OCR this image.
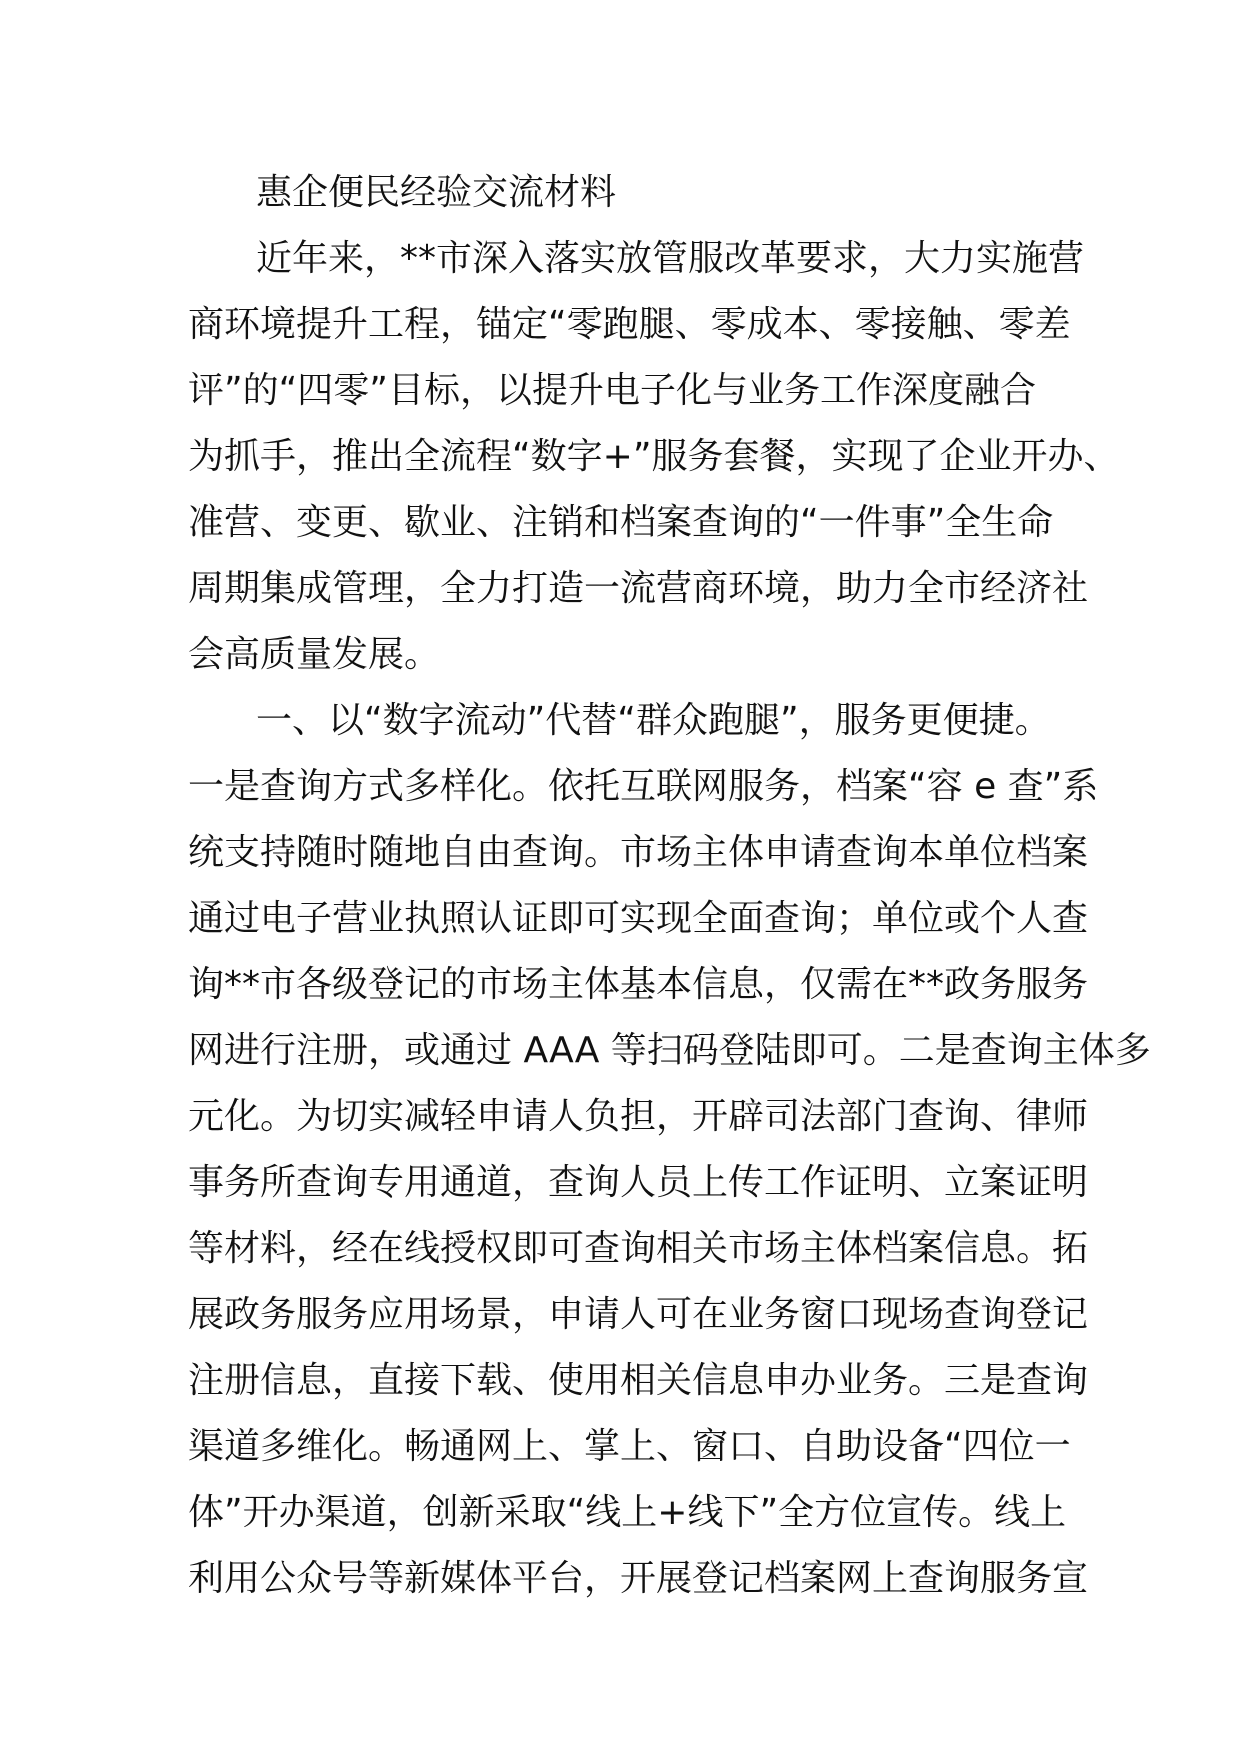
惠企便民经验交流材料
近年来，**市深入落实放管服改革要求，大力实施营
商环境提升工程，锚定“零跑腿、零成本、零接触、零差
评”的“四零”目标，以提升电子化与业务工作深度融合
为抓手，推出全流程“数字+”服务套餐，实现了企业开办、
准营、变更、歇业、注销和档案查询的“一件事”全生命
周期集成管理，全力打造一流营商环境，助力全市经济社
会高质量发展。
一、以“数字流动”代替“群众跑腿”，服务更便捷。
一是查询方式多样化。依托互联网服务，档案“容 e 查”系
统支持随时随地自由查询。市场主体申请查询本单位档案
通过电子营业执照认证即可实现全面查询；单位或个人查
询**市各级登记的市场主体基本信息，仅需在**政务服务
网进行注册，或通过 AAA 等扫码登陆即可。二是查询主体多
元化。为切实减轻申请人负担，开辟司法部门查询、律师
事务所查询专用通道，查询人员上传工作证明、立案证明
等材料，经在线授权即可查询相关市场主体档案信息。拓
展政务服务应用场景，申请人可在业务窗口现场查询登记
注册信息，直接下载、使用相关信息申办业务。三是查询
渠道多维化。畅通网上、掌上、窗口、自助设备“四位一
体”开办渠道，创新采取“线上+线下”全方位宣传。线上
利用公众号等新媒体平台，开展登记档案网上查询服务宣
